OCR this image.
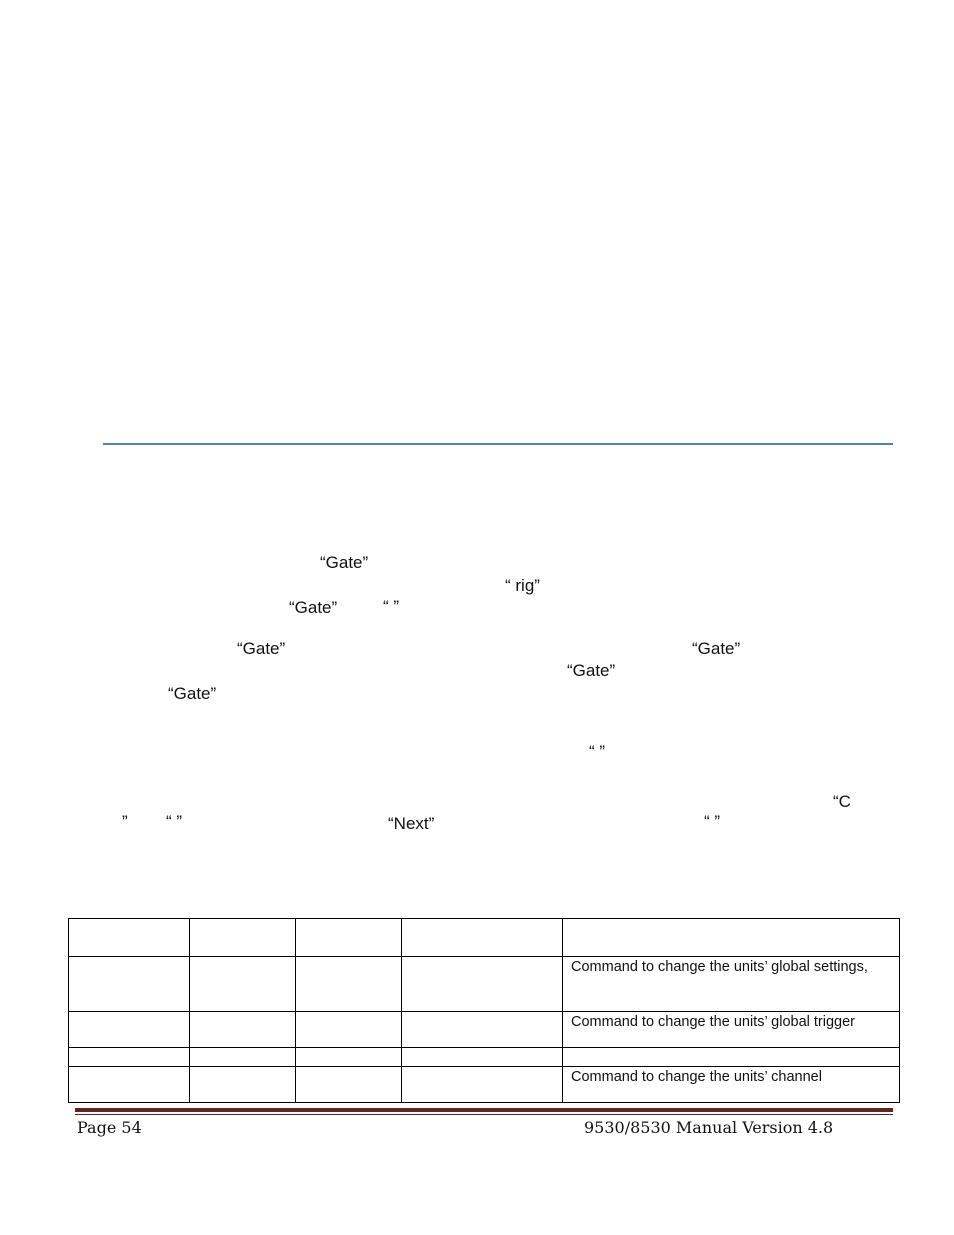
“Gate”
“ rig”
“Gate”	“ ”
“Gate”	“Gate”
“Gate”
“Gate”
“ ”
“C
” “ ”	“Next”	“ ”

				Command to change the units’ global settings,

				Command to change the units’ global trigger

				Command to change the units’ channel
Page 54	9530/8530 Manual Version 4.8
